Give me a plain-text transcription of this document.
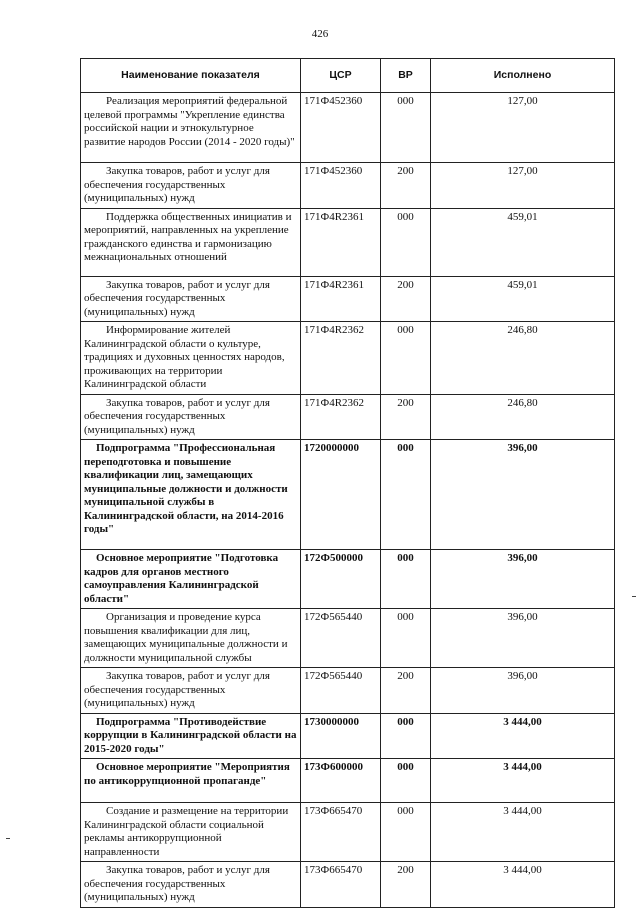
426
Наименование показателя	ЦСР	ВР	Исполнено
Реализация мероприятий федеральной целевой программы "Укрепление единства российской нации и этнокультурное развитие народов России (2014 - 2020 годы)"	171Ф452360	000	127,00
Закупка товаров, работ и услуг для обеспечения государственных (муниципальных) нужд	171Ф452360	200	127,00
Поддержка общественных инициатив и мероприятий, направленных на укрепление гражданского единства и гармонизацию межнациональных отношений	171Ф4R2361	000	459,01
Закупка товаров, работ и услуг для обеспечения государственных (муниципальных) нужд	171Ф4R2361	200	459,01
Информирование жителей Калининградской области о культуре, традициях и духовных ценностях народов, проживающих на территории Калининградской области	171Ф4R2362	000	246,80
Закупка товаров, работ и услуг для обеспечения государственных (муниципальных) нужд	171Ф4R2362	200	246,80
Подпрограмма "Профессиональная переподготовка и повышение квалификации лиц, замещающих муниципальные должности и должности муниципальной службы в Калининградской области, на 2014-2016 годы"	1720000000	000	396,00
Основное мероприятие "Подготовка кадров для органов местного самоуправления Калининградской области"	172Ф500000	000	396,00
Организация и проведение курса повышения квалификации для лиц, замещающих муниципальные должности и должности муниципальной службы	172Ф565440	000	396,00
Закупка товаров, работ и услуг для обеспечения государственных (муниципальных) нужд	172Ф565440	200	396,00
Подпрограмма "Противодействие коррупции в Калининградской области на 2015-2020 годы"	1730000000	000	3 444,00
Основное мероприятие "Мероприятия по антикоррупционной пропаганде"	173Ф600000	000	3 444,00
Создание и размещение на территории Калининградской области социальной рекламы антикоррупционной направленности	173Ф665470	000	3 444,00
Закупка товаров, работ и услуг для обеспечения государственных (муниципальных) нужд	173Ф665470	200	3 444,00
